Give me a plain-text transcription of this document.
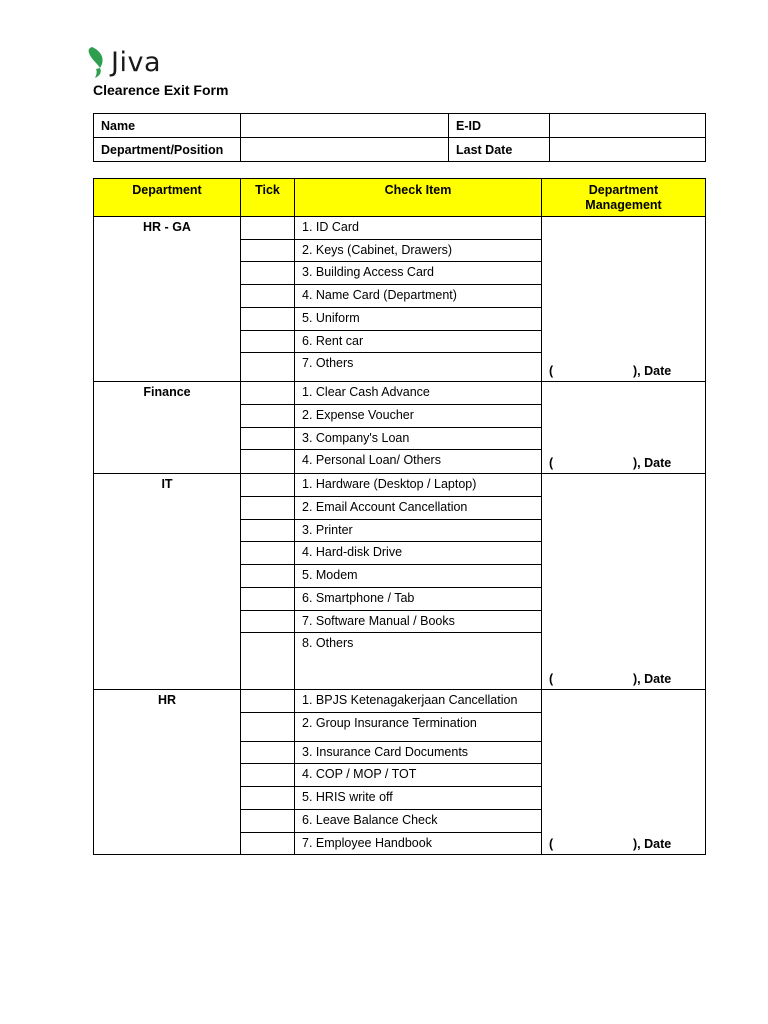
Jiva
Clearence Exit Form
Name		E-ID	
Department/Position		Last Date	
Department	Tick	Check Item	Department
Management
HR - GA		1. ID Card	( ), Date

		2. Keys (Cabinet, Drawers)	
		3. Building Access Card	
		4. Name Card (Department)	
		5. Uniform	
		6. Rent car	
		7. Others	
Finance		1. Clear Cash Advance	( ), Date

		2. Expense Voucher	
		3. Company's Loan	
		4. Personal Loan/ Others	
IT		1. Hardware (Desktop / Laptop)	( ), Date

		2. Email Account Cancellation	
		3. Printer	
		4. Hard-disk Drive	
		5. Modem	
		6. Smartphone / Tab	
		7. Software Manual / Books	
		8. Others	
HR		1. BPJS Ketenagakerjaan Cancellation	( ), Date

		2. Group Insurance Termination	
		3. Insurance Card Documents	
		4. COP / MOP / TOT	
		5. HRIS write off	
		6. Leave Balance Check	
		7. Employee Handbook	
